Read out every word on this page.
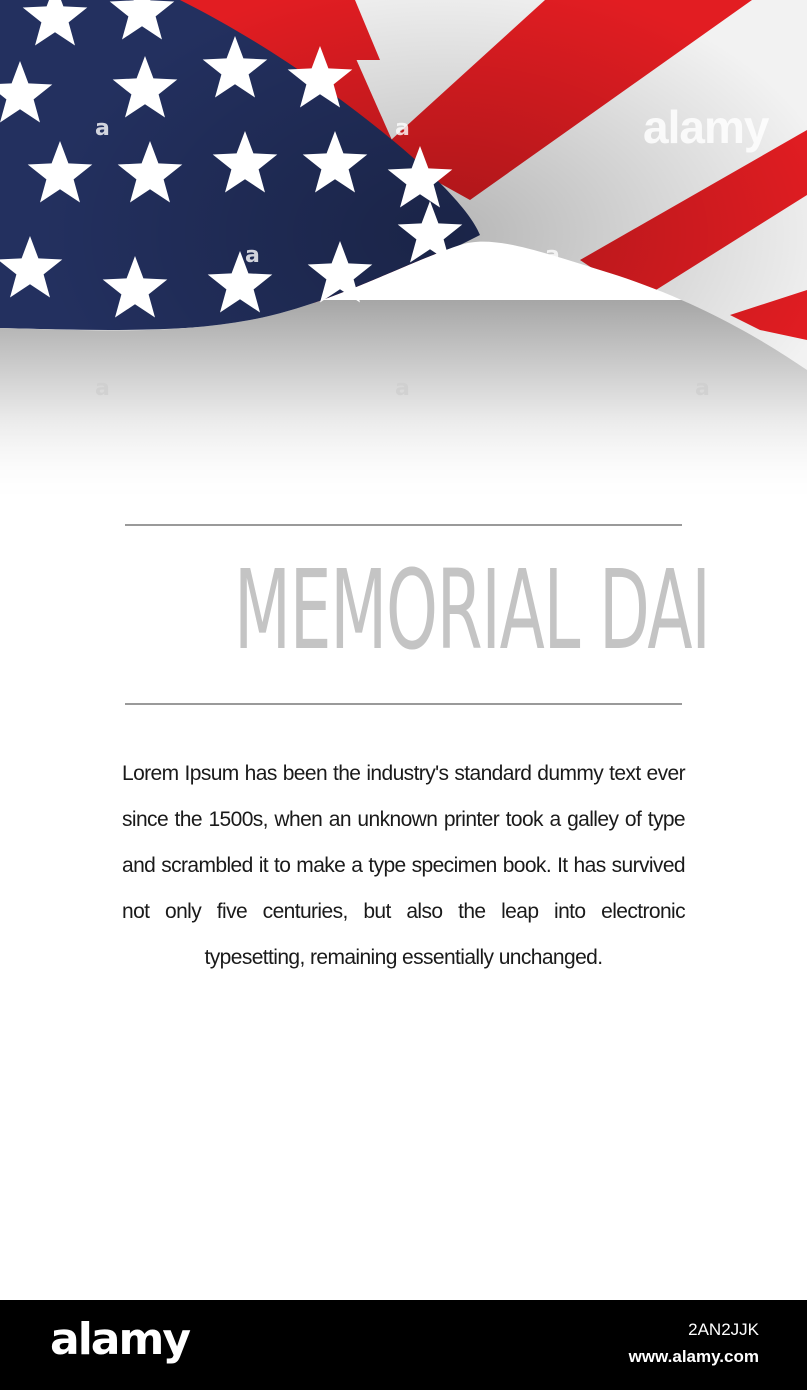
a	a
a	a
a	a	a
alamy
MEMORIAL DAI
Lorem Ipsum has been the industry's standard dummy text ever since the 1500s, when an unknown printer took a galley of type and scrambled it to make a type specimen book. It has survived not only five centuries, but also the leap into electronic typesetting, remaining essentially unchanged.
alamy	2AN2JJK
www.alamy.com
